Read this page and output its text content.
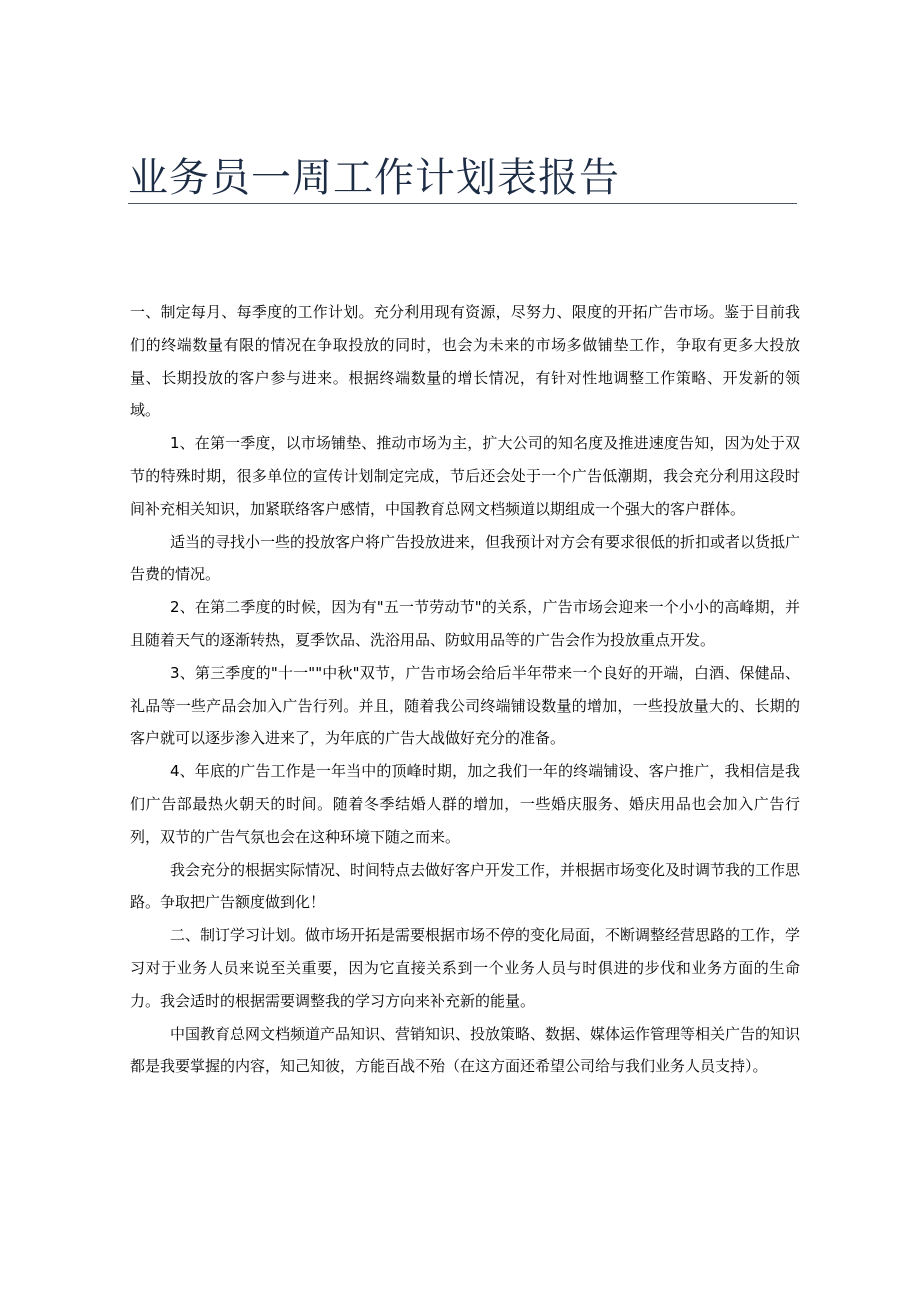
业务员一周工作计划表报告

一、制定每月、每季度的工作计划。充分利用现有资源，尽努力、限度的开拓广告市场。鉴于目前我们的终端数量有限的情况在争取投放的同时，也会为未来的市场多做铺垫工作，争取有更多大投放量、长期投放的客户参与进来。根据终端数量的增长情况，有针对性地调整工作策略、开发新的领域。

1、在第一季度，以市场铺垫、推动市场为主，扩大公司的知名度及推进速度告知，因为处于双节的特殊时期，很多单位的宣传计划制定完成，节后还会处于一个广告低潮期，我会充分利用这段时间补充相关知识，加紧联络客户感情，中国教育总网文档频道以期组成一个强大的客户群体。

适当的寻找小一些的投放客户将广告投放进来，但我预计对方会有要求很低的折扣或者以货抵广告费的情况。

2、在第二季度的时候，因为有"五一节劳动节"的关系，广告市场会迎来一个小小的高峰期，并且随着天气的逐渐转热，夏季饮品、洗浴用品、防蚊用品等的广告会作为投放重点开发。

3、第三季度的"十一""中秋"双节，广告市场会给后半年带来一个良好的开端，白酒、保健品、礼品等一些产品会加入广告行列。并且，随着我公司终端铺设数量的增加，一些投放量大的、长期的客户就可以逐步渗入进来了，为年底的广告大战做好充分的准备。

4、年底的广告工作是一年当中的顶峰时期，加之我们一年的终端铺设、客户推广，我相信是我们广告部最热火朝天的时间。随着冬季结婚人群的增加，一些婚庆服务、婚庆用品也会加入广告行列，双节的广告气氛也会在这种环境下随之而来。

我会充分的根据实际情况、时间特点去做好客户开发工作，并根据市场变化及时调节我的工作思路。争取把广告额度做到化！

二、制订学习计划。做市场开拓是需要根据市场不停的变化局面，不断调整经营思路的工作，学习对于业务人员来说至关重要，因为它直接关系到一个业务人员与时俱进的步伐和业务方面的生命力。我会适时的根据需要调整我的学习方向来补充新的能量。

中国教育总网文档频道产品知识、营销知识、投放策略、数据、媒体运作管理等相关广告的知识都是我要掌握的内容，知己知彼，方能百战不殆（在这方面还希望公司给与我们业务人员支持）。
